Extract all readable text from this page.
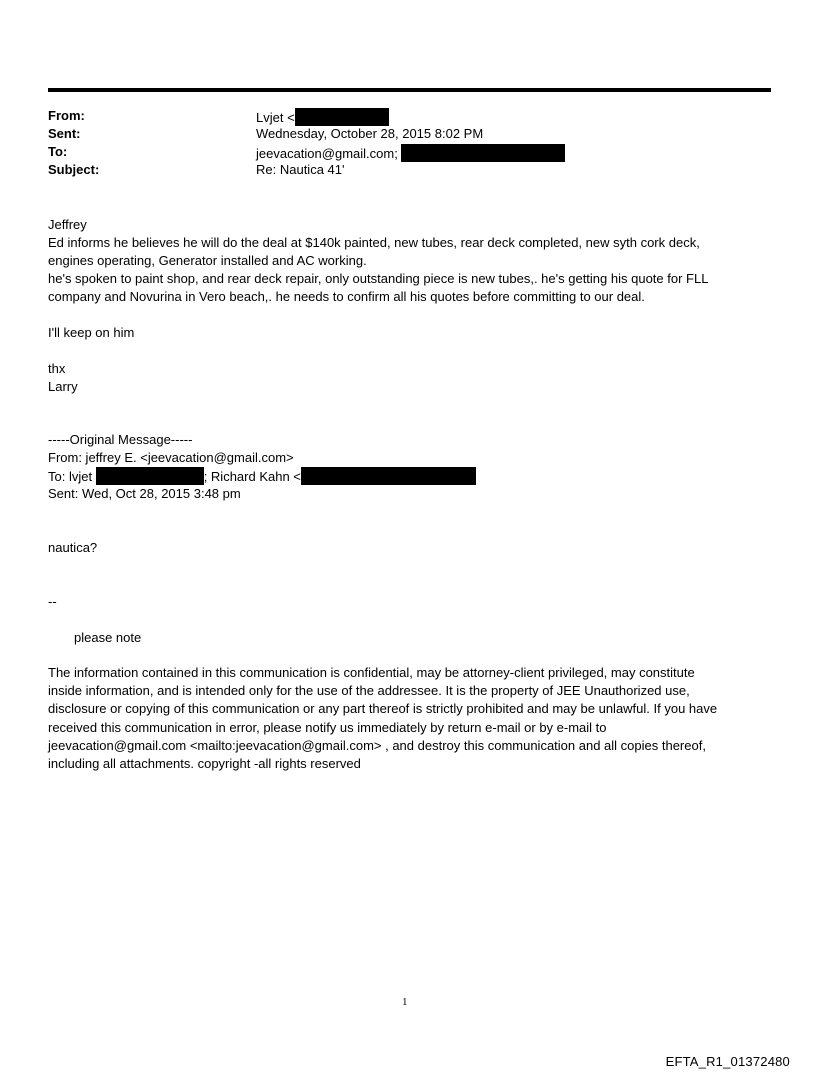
From:	Lvjet <
Sent:	Wednesday, October 28, 2015 8:02 PM
To:	jeevacation@gmail.com;
Subject:	Re: Nautica 41'
Jeffrey
Ed informs he believes he will do the deal at $140k painted, new tubes, rear deck completed, new syth cork deck,
engines operating, Generator installed and AC working.
he's spoken to paint shop, and rear deck repair, only outstanding piece is new tubes,. he's getting his quote for FLL
company and Novurina in Vero beach,. he needs to confirm all his quotes before committing to our deal.
I'll keep on him
thx
Larry
-----Original Message-----
From: jeffrey E. <jeevacation@gmail.com>
To: lvjet	; Richard Kahn <
Sent: Wed, Oct 28, 2015 3:48 pm
nautica?
--
please note
The information contained in this communication is confidential, may be attorney-client privileged, may constitute
inside information, and is intended only for the use of the addressee. It is the property of JEE Unauthorized use,
disclosure or copying of this communication or any part thereof is strictly prohibited and may be unlawful. If you have
received this communication in error, please notify us immediately by return e-mail or by e-mail to
jeevacation@gmail.com <mailto:jeevacation@gmail.com> , and destroy this communication and all copies thereof,
including all attachments. copyright -all rights reserved
1
EFTA_R1_01372480
